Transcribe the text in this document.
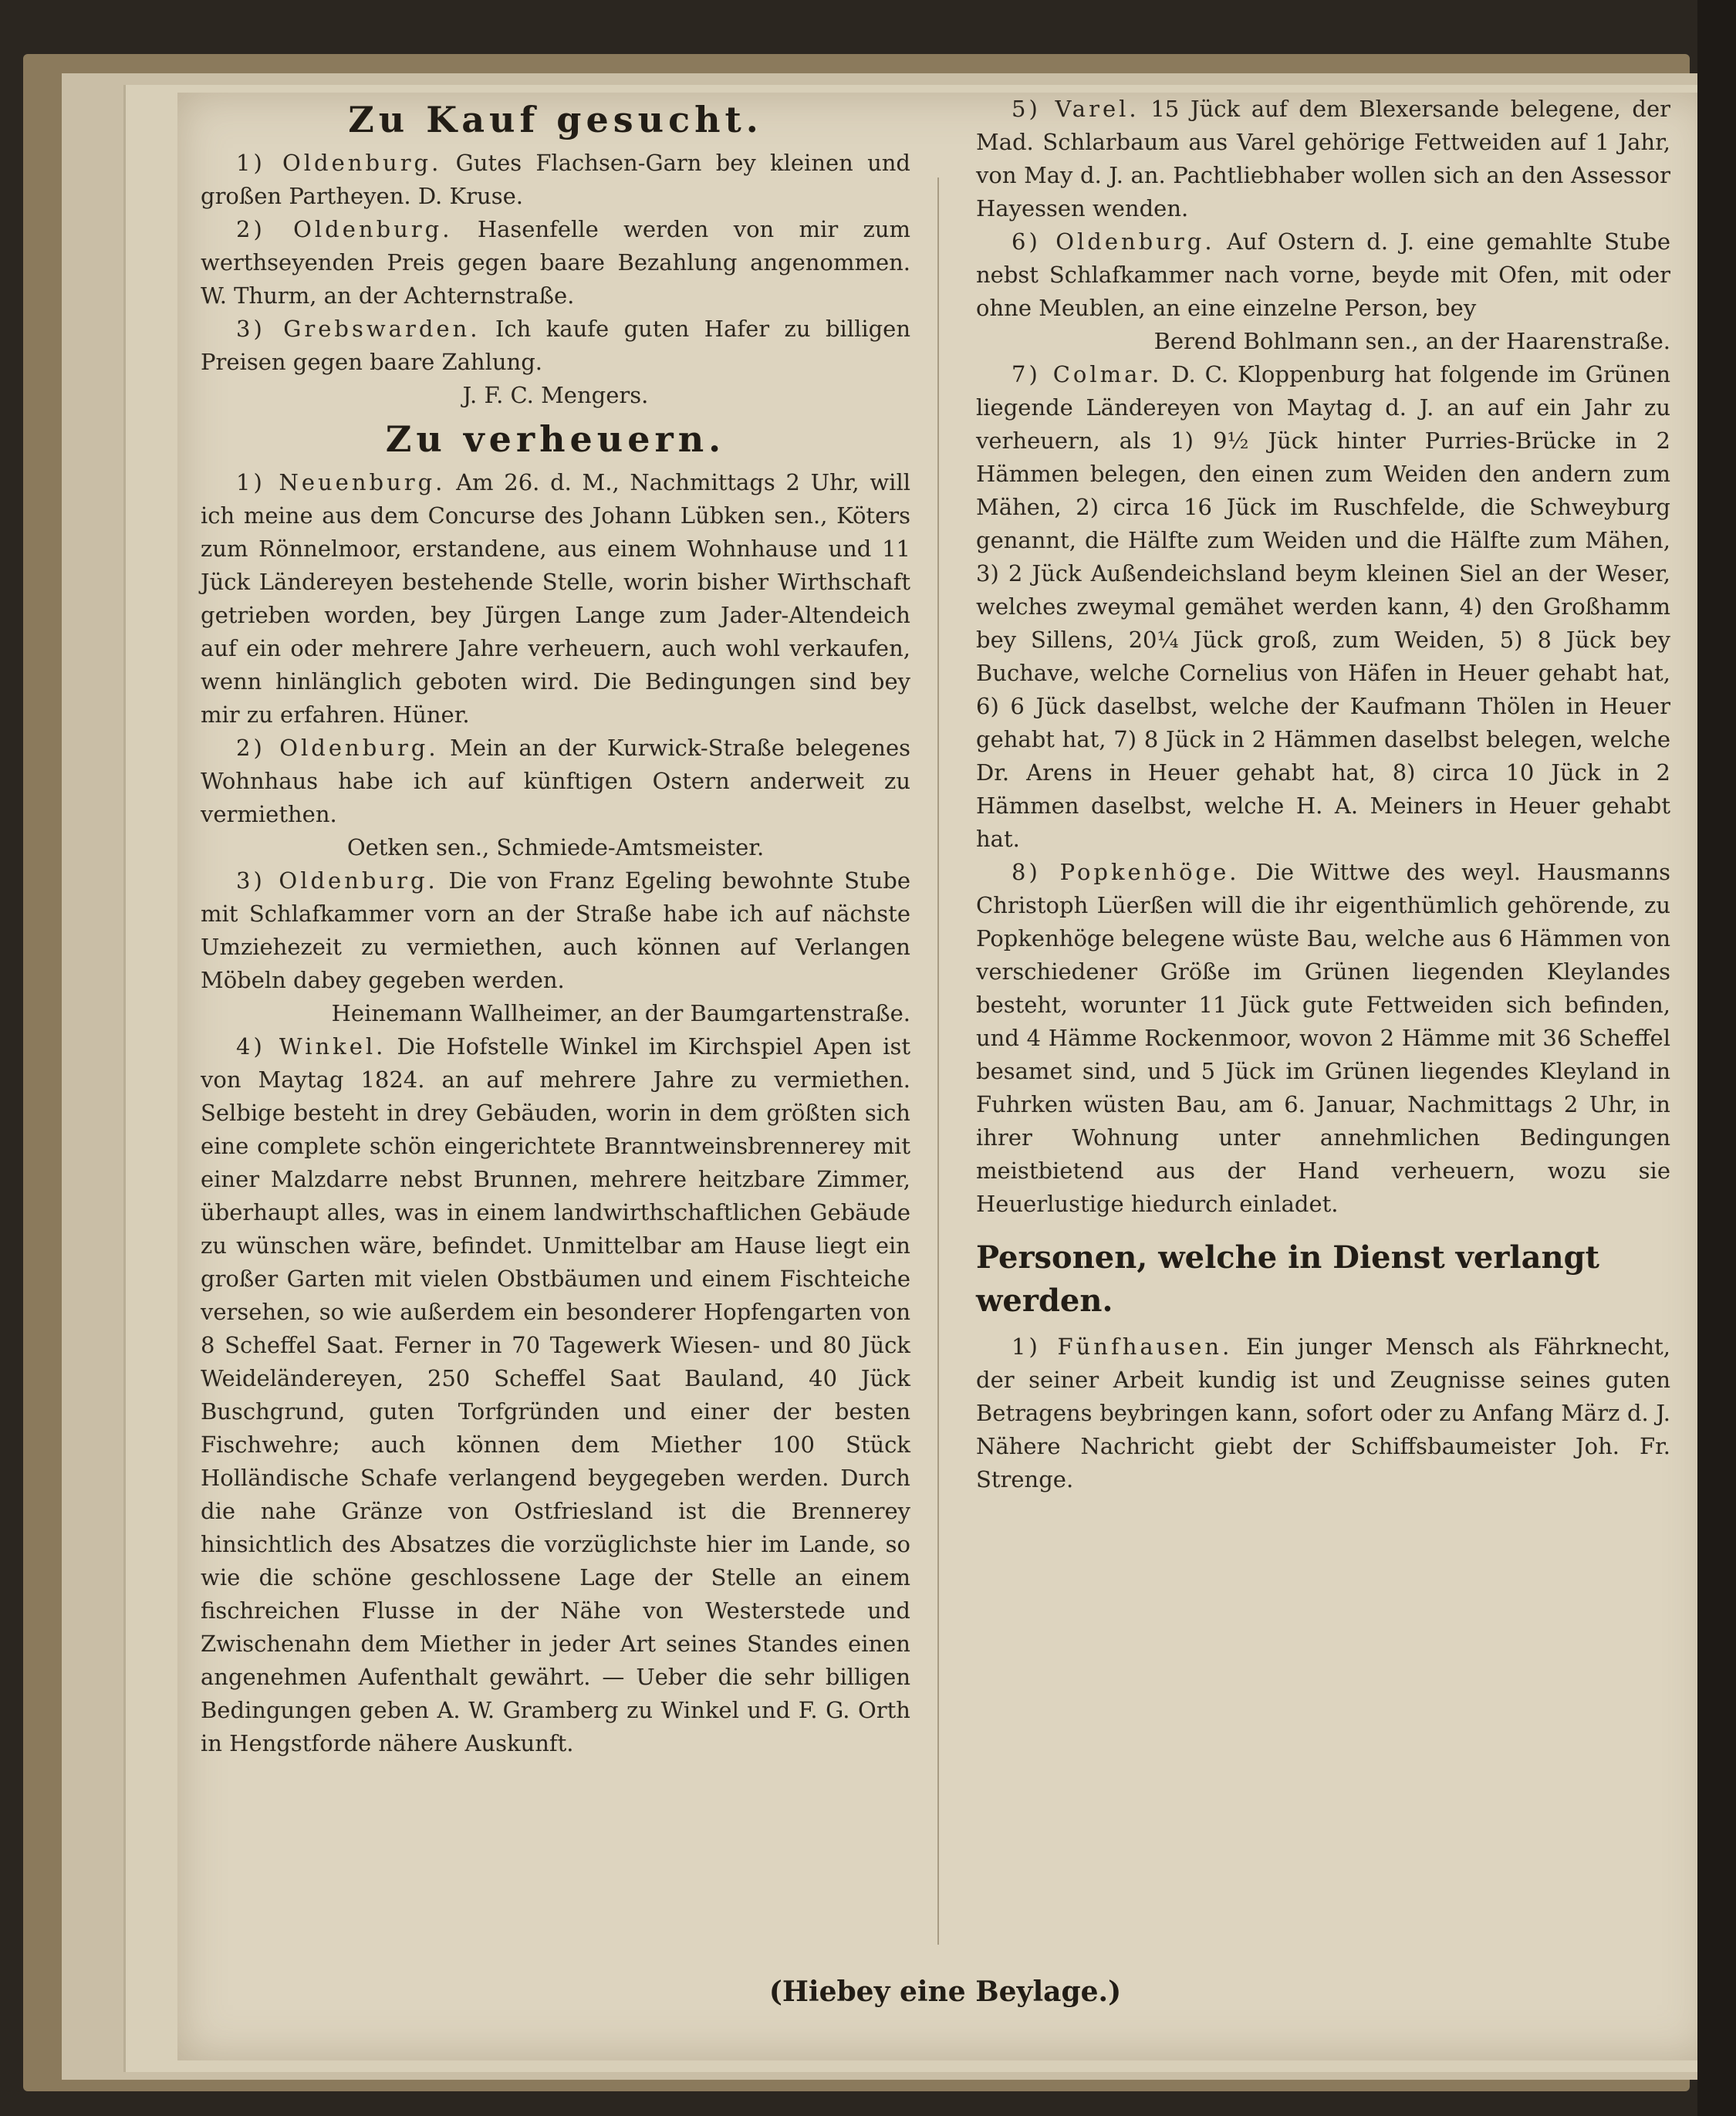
Zu Kauf gesucht.

1) Oldenburg. Gutes Flachsen-Garn bey kleinen und großen Partheyen. D. Kruse.

2) Oldenburg. Hasenfelle werden von mir zum werthseyenden Preis gegen baare Bezahlung angenommen. W. Thurm, an der Achternstraße.

3) Grebswarden. Ich kaufe guten Hafer zu billigen Preisen gegen baare Zahlung.

J. F. C. Mengers.

Zu verheuern.

1) Neuenburg. Am 26. d. M., Nachmittags 2 Uhr, will ich meine aus dem Concurse des Johann Lübken sen., Köters zum Rönnelmoor, erstandene, aus einem Wohnhause und 11 Jück Ländereyen bestehende Stelle, worin bisher Wirthschaft getrieben worden, bey Jürgen Lange zum Jader-Altendeich auf ein oder mehrere Jahre verheuern, auch wohl verkaufen, wenn hinlänglich geboten wird. Die Bedingungen sind bey mir zu erfahren. Hüner.

2) Oldenburg. Mein an der Kurwick-Straße belegenes Wohnhaus habe ich auf künftigen Ostern anderweit zu vermiethen.

Oetken sen., Schmiede-Amtsmeister.

3) Oldenburg. Die von Franz Egeling bewohnte Stube mit Schlafkammer vorn an der Straße habe ich auf nächste Umziehezeit zu vermiethen, auch können auf Verlangen Möbeln dabey gegeben werden.

Heinemann Wallheimer, an der Baumgartenstraße.

4) Winkel. Die Hofstelle Winkel im Kirchspiel Apen ist von Maytag 1824. an auf mehrere Jahre zu vermiethen. Selbige besteht in drey Gebäuden, worin in dem größten sich eine complete schön eingerichtete Branntweinsbrennerey mit einer Malzdarre nebst Brunnen, mehrere heitzbare Zimmer, überhaupt alles, was in einem landwirthschaftlichen Gebäude zu wünschen wäre, befindet. Unmittelbar am Hause liegt ein großer Garten mit vielen Obstbäumen und einem Fischteiche versehen, so wie außerdem ein besonderer Hopfengarten von 8 Scheffel Saat. Ferner in 70 Tagewerk Wiesen- und 80 Jück Weideländereyen, 250 Scheffel Saat Bauland, 40 Jück Buschgrund, guten Torfgründen und einer der besten Fischwehre; auch können dem Miether 100 Stück Holländische Schafe verlangend beygegeben werden. Durch die nahe Gränze von Ostfriesland ist die Brennerey hinsichtlich des Absatzes die vorzüglichste hier im Lande, so wie die schöne geschlossene Lage der Stelle an einem fischreichen Flusse in der Nähe von Westerstede und Zwischenahn dem Miether in jeder Art seines Standes einen angenehmen Aufenthalt gewährt. — Ueber die sehr billigen Bedingungen geben A. W. Gramberg zu Winkel und F. G. Orth in Hengstforde nähere Auskunft.

5) Varel. 15 Jück auf dem Blexersande belegene, der Mad. Schlarbaum aus Varel gehörige Fettweiden auf 1 Jahr, von May d. J. an. Pachtliebhaber wollen sich an den Assessor Hayessen wenden.

6) Oldenburg. Auf Ostern d. J. eine gemahlte Stube nebst Schlafkammer nach vorne, beyde mit Ofen, mit oder ohne Meublen, an eine einzelne Person, bey

Berend Bohlmann sen., an der Haarenstraße.

7) Colmar. D. C. Kloppenburg hat folgende im Grünen liegende Ländereyen von Maytag d. J. an auf ein Jahr zu verheuern, als 1) 9½ Jück hinter Purries-Brücke in 2 Hämmen belegen, den einen zum Weiden den andern zum Mähen, 2) circa 16 Jück im Ruschfelde, die Schweyburg genannt, die Hälfte zum Weiden und die Hälfte zum Mähen, 3) 2 Jück Außendeichsland beym kleinen Siel an der Weser, welches zweymal gemähet werden kann, 4) den Großhamm bey Sillens, 20¼ Jück groß, zum Weiden, 5) 8 Jück bey Buchave, welche Cornelius von Häfen in Heuer gehabt hat, 6) 6 Jück daselbst, welche der Kaufmann Thölen in Heuer gehabt hat, 7) 8 Jück in 2 Hämmen daselbst belegen, welche Dr. Arens in Heuer gehabt hat, 8) circa 10 Jück in 2 Hämmen daselbst, welche H. A. Meiners in Heuer gehabt hat.

8) Popkenhöge. Die Wittwe des weyl. Hausmanns Christoph Lüerßen will die ihr eigenthümlich gehörende, zu Popkenhöge belegene wüste Bau, welche aus 6 Hämmen von verschiedener Größe im Grünen liegenden Kleylandes besteht, worunter 11 Jück gute Fettweiden sich befinden, und 4 Hämme Rockenmoor, wovon 2 Hämme mit 36 Scheffel besamet sind, und 5 Jück im Grünen liegendes Kleyland in Fuhrken wüsten Bau, am 6. Januar, Nachmittags 2 Uhr, in ihrer Wohnung unter annehmlichen Bedingungen meistbietend aus der Hand verheuern, wozu sie Heuerlustige hiedurch einladet.

Personen, welche in Dienst verlangt werden.

1) Fünfhausen. Ein junger Mensch als Fährknecht, der seiner Arbeit kundig ist und Zeugnisse seines guten Betragens beybringen kann, sofort oder zu Anfang März d. J. Nähere Nachricht giebt der Schiffsbaumeister Joh. Fr. Strenge.

(Hiebey eine Beylage.)
